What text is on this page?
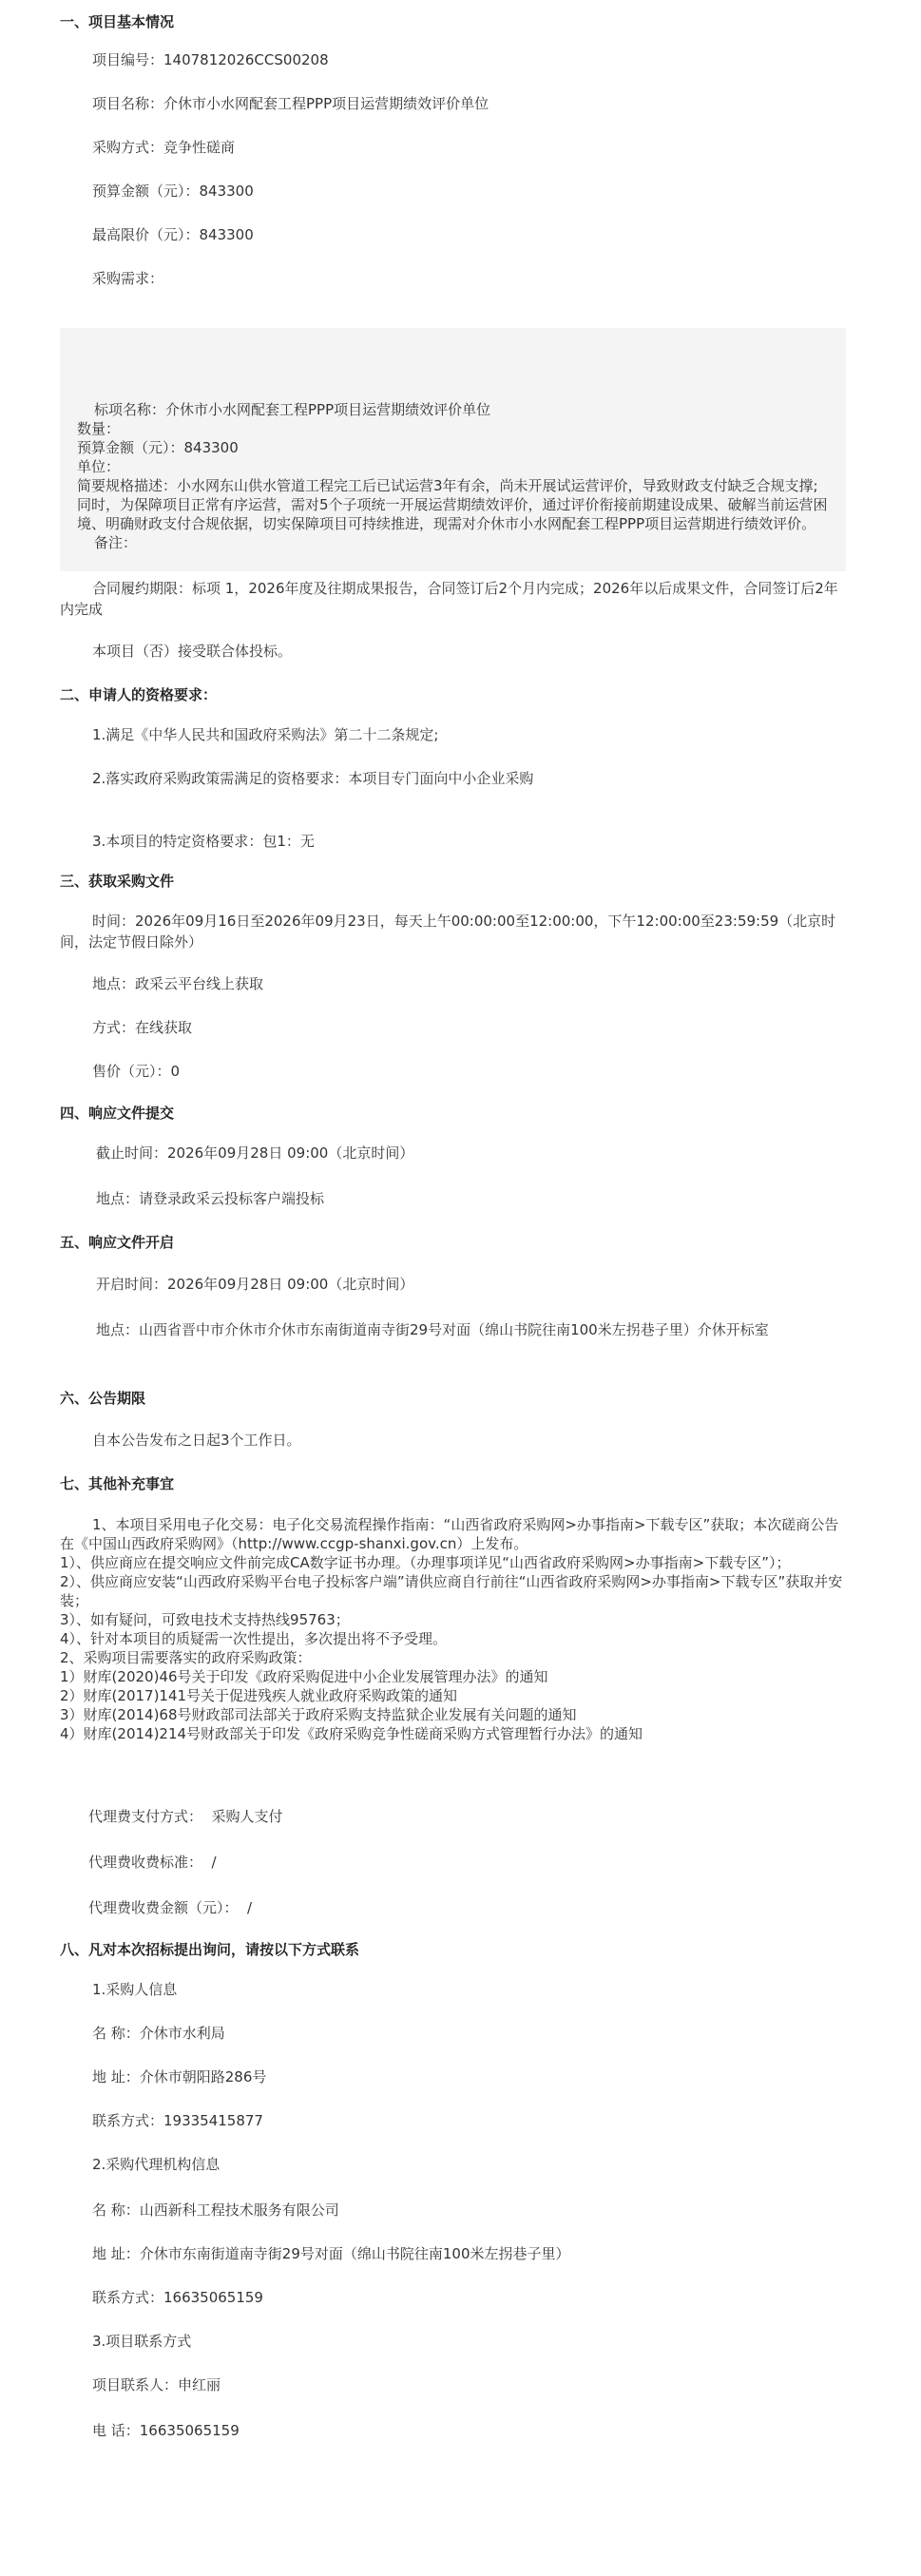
一、项目基本情况
项目编号：1407812026CCS00208
项目名称：介休市小水网配套工程PPP项目运营期绩效评价单位
采购方式：竞争性磋商
预算金额（元）：843300
最高限价（元）：843300
采购需求：
标项名称：介休市小水网配套工程PPP项目运营期绩效评价单位
数量：
预算金额（元）：843300
单位：
简要规格描述：小水网东山供水管道工程完工后已试运营3年有余，尚未开展试运营评价，导致财政支付缺乏合规支撑;同时，为保障项目正常有序运营，需对5个子项统一开展运营期绩效评价，通过评价衔接前期建设成果、破解当前运营困境、明确财政支付合规依据，切实保障项目可持续推进，现需对介休市小水网配套工程PPP项目运营期进行绩效评价。
备注：
合同履约期限：标项 1，2026年度及往期成果报告，合同签订后2个月内完成；2026年以后成果文件，合同签订后2年内完成
本项目（否）接受联合体投标。
二、申请人的资格要求：
1.满足《中华人民共和国政府采购法》第二十二条规定;
2.落实政府采购政策需满足的资格要求：本项目专门面向中小企业采购
3.本项目的特定资格要求：包1：无
三、获取采购文件
时间：2026年09月16日至2026年09月23日，每天上午00:00:00至12:00:00，下午12:00:00至23:59:59（北京时间，法定节假日除外）
地点：政采云平台线上获取
方式：在线获取
售价（元）：0
四、响应文件提交
截止时间：2026年09月28日 09:00（北京时间）
地点：请登录政采云投标客户端投标
五、响应文件开启
开启时间：2026年09月28日 09:00（北京时间）
地点：山西省晋中市介休市介休市东南街道南寺街29号对面（绵山书院往南100米左拐巷子里）介休开标室
六、公告期限
自本公告发布之日起3个工作日。
七、其他补充事宜
1、本项目采用电子化交易：电子化交易流程操作指南：“山西省政府采购网>办事指南>下载专区”获取；本次磋商公告在《中国山西政府采购网》（http://www.ccgp-shanxi.gov.cn）上发布。
1）、供应商应在提交响应文件前完成CA数字证书办理。（办理事项详见“山西省政府采购网>办事指南>下载专区”）；
2）、供应商应安装“山西政府采购平台电子投标客户端”请供应商自行前往“山西省政府采购网>办事指南>下载专区”获取并安装；
3）、如有疑问，可致电技术支持热线95763；
4）、针对本项目的质疑需一次性提出，多次提出将不予受理。
2、采购项目需要落实的政府采购政策：
1）财库(2020)46号关于印发《政府采购促进中小企业发展管理办法》的通知
2）财库(2017)141号关于促进残疾人就业政府采购政策的通知
3）财库(2014)68号财政部司法部关于政府采购支持监狱企业发展有关问题的通知
4）财库(2014)214号财政部关于印发《政府采购竞争性磋商采购方式管理暂行办法》的通知
代理费支付方式：  采购人支付
代理费收费标准：  /
代理费收费金额（元）：  /
八、凡对本次招标提出询问，请按以下方式联系
1.采购人信息
名 称：介休市水利局
地 址：介休市朝阳路286号
联系方式：19335415877
2.采购代理机构信息
名 称：山西新科工程技术服务有限公司
地 址：介休市东南街道南寺街29号对面（绵山书院往南100米左拐巷子里）
联系方式：16635065159
3.项目联系方式
项目联系人：申红丽
电 话：16635065159
